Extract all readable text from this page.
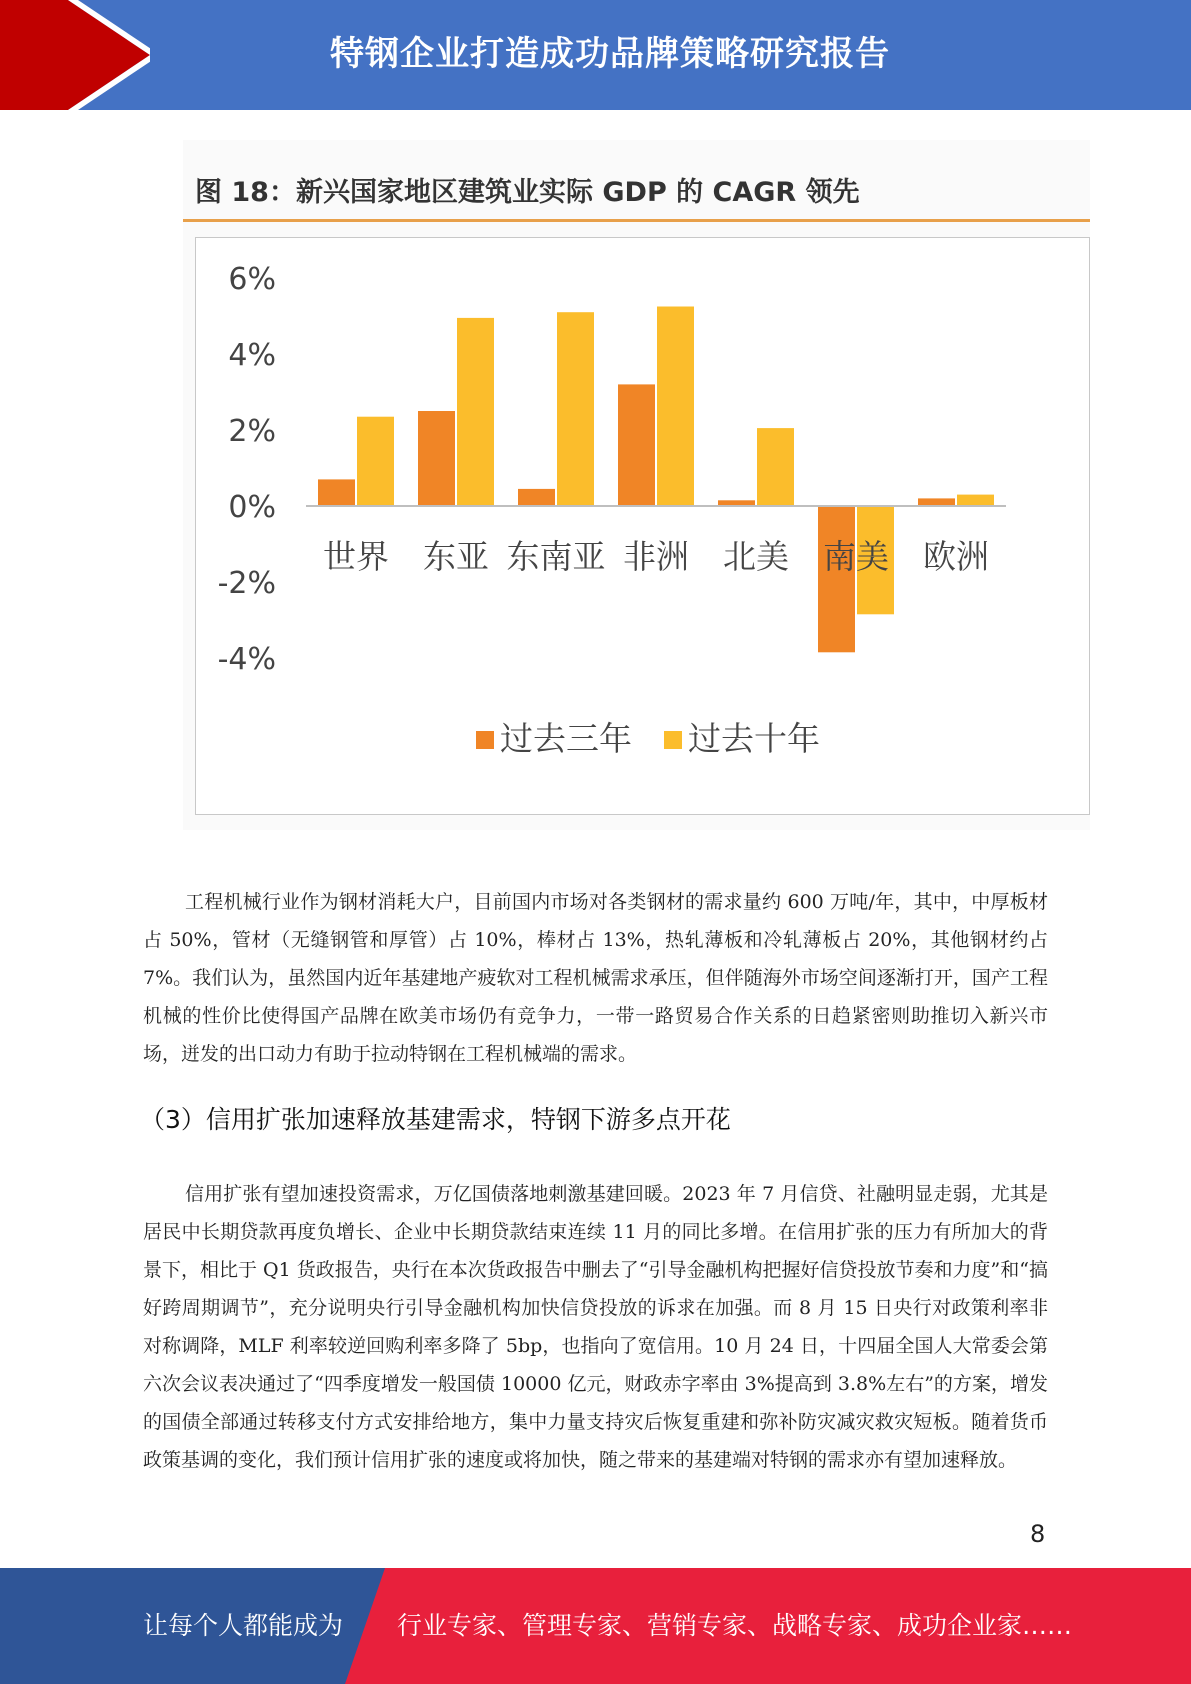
特钢企业打造成功品牌策略研究报告
图 18：新兴国家地区建筑业实际 GDP 的 CAGR 领先
6%
4%
2%
0%
-2%
-4%
世界 东亚 东南亚 非洲 北美 南美 欧洲
过去三年 过去十年

工程机械行业作为钢材消耗大户，目前国内市场对各类钢材的需求量约 600 万吨/年，其中，中厚板材占 50%，管材（无缝钢管和厚管）占 10%，棒材占 13%，热轧薄板和冷轧薄板占 20%，其他钢材约占 7%。我们认为，虽然国内近年基建地产疲软对工程机械需求承压，但伴随海外市场空间逐渐打开，国产工程机械的性价比使得国产品牌在欧美市场仍有竞争力，一带一路贸易合作关系的日趋紧密则助推切入新兴市场，迸发的出口动力有助于拉动特钢在工程机械端的需求。

（3）信用扩张加速释放基建需求，特钢下游多点开花

信用扩张有望加速投资需求，万亿国债落地刺激基建回暖。2023 年 7 月信贷、社融明显走弱，尤其是居民中长期贷款再度负增长、企业中长期贷款结束连续 11 月的同比多增。在信用扩张的压力有所加大的背景下，相比于 Q1 货政报告，央行在本次货政报告中删去了“引导金融机构把握好信贷投放节奏和力度”和“搞好跨周期调节”，充分说明央行引导金融机构加快信贷投放的诉求在加强。而 8 月 15 日央行对政策利率非对称调降，MLF 利率较逆回购利率多降了 5bp，也指向了宽信用。10 月 24 日，十四届全国人大常委会第六次会议表决通过了“四季度增发一般国债 10000 亿元，财政赤字率由 3%提高到 3.8%左右”的方案，增发的国债全部通过转移支付方式安排给地方，集中力量支持灾后恢复重建和弥补防灾减灾救灾短板。随着货币政策基调的变化，我们预计信用扩张的速度或将加快，随之带来的基建端对特钢的需求亦有望加速释放。

8
让每个人都能成为 行业专家、管理专家、营销专家、战略专家、成功企业家……
